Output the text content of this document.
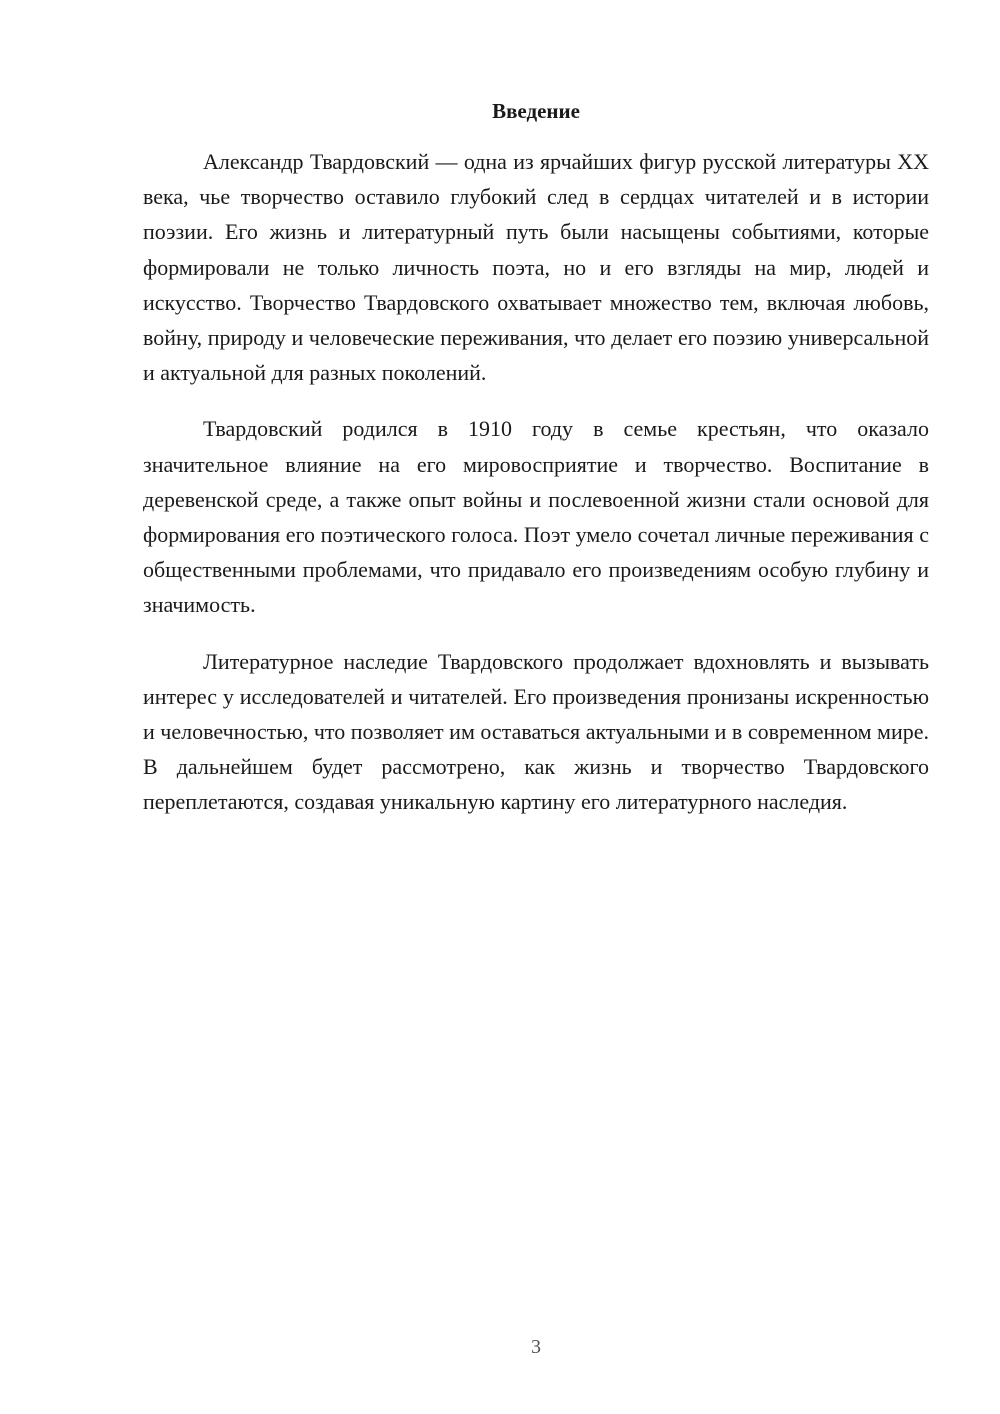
Введение

Александр Твардовский — одна из ярчайших фигур русской литературы XX века, чье творчество оставило глубокий след в сердцах читателей и в истории поэзии. Его жизнь и литературный путь были насыщены событиями, которые формировали не только личность поэта, но и его взгляды на мир, людей и искусство. Творчество Твардовского охватывает множество тем, включая любовь, войну, природу и человеческие переживания, что делает его поэзию универсальной и актуальной для разных поколений.

Твардовский родился в 1910 году в семье крестьян, что оказало значительное влияние на его мировосприятие и творчество. Воспитание в деревенской среде, а также опыт войны и послевоенной жизни стали основой для формирования его поэтического голоса. Поэт умело сочетал личные переживания с общественными проблемами, что придавало его произведениям особую глубину и значимость.

Литературное наследие Твардовского продолжает вдохновлять и вызывать интерес у исследователей и читателей. Его произведения пронизаны искренностью и человечностью, что позволяет им оставаться актуальными и в современном мире. В дальнейшем будет рассмотрено, как жизнь и творчество Твардовского переплетаются, создавая уникальную картину его литературного наследия.

3
